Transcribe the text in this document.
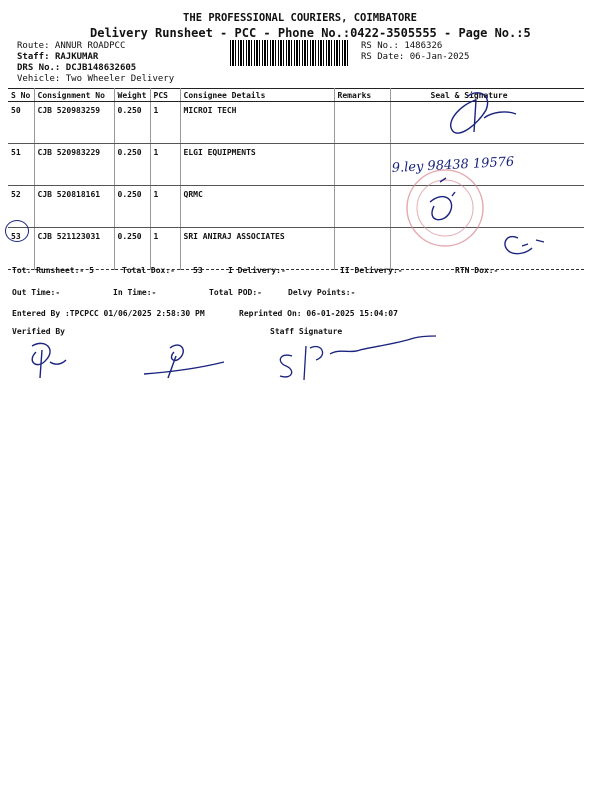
THE PROFESSIONAL COURIERS, COIMBATORE
Delivery Runsheet - PCC - Phone No.:0422-3505555 - Page No.:5
Route: ANNUR ROADPCC
Staff: RAJKUMAR
DRS No.: DCJB148632605
Vehicle: Two Wheeler Delivery
RS No.: 1486326
RS Date: 06-Jan-2025
S No	Consignment No	Weight	PCS	Consignee Details	Remarks	Seal & Signature
50	CJB 520983259	0.250	1	MICROI TECH		
51	CJB 520983229	0.250	1	ELGI EQUIPMENTS		
52	CJB 520818161	0.250	1	QRMC		
53	CJB 521123031	0.250	1	SRI ANIRAJ ASSOCIATES		
Tot. Runsheet:- 5	Total Dox:- 53	I Delivery:-	II Delivery:-	RTN Dox:-
Out Time:-	In Time:-	Total POD:-	Delvy Points:-
Entered By :TPCPCC 01/06/2025 2:58:30 PM	Reprinted On: 06-01-2025 15:04:07
Verified By	Staff Signature
9.ley 98438 19576
